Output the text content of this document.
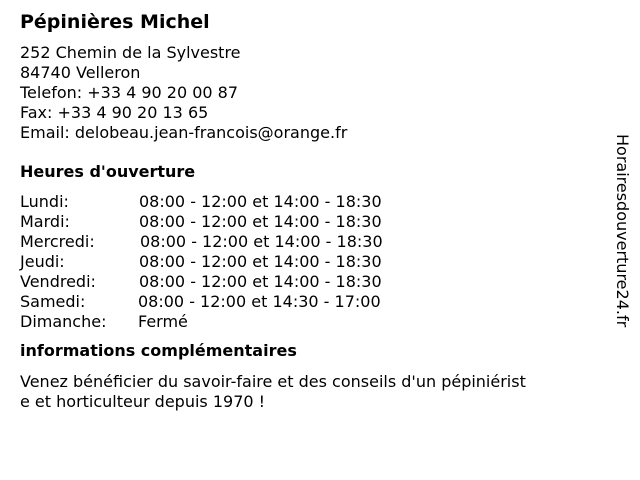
Pépinières Michel
252 Chemin de la Sylvestre
84740 Velleron
Telefon: +33 4 90 20 00 87
Fax: +33 4 90 20 13 65
Email: delobeau.jean-francois@orange.fr
Heures d'ouverture
Lundi:	08:00 - 12:00 et 14:00 - 18:30
Mardi:	08:00 - 12:00 et 14:00 - 18:30
Mercredi:	08:00 - 12:00 et 14:00 - 18:30
Jeudi:	08:00 - 12:00 et 14:00 - 18:30
Vendredi:	08:00 - 12:00 et 14:00 - 18:30
Samedi:	08:00 - 12:00 et 14:30 - 17:00
Dimanche:	Fermé
informations complémentaires
Venez bénéficier du savoir-faire et des conseils d'un pépiniérist
e et horticulteur depuis 1970 !
Horairesdouverture24.fr
